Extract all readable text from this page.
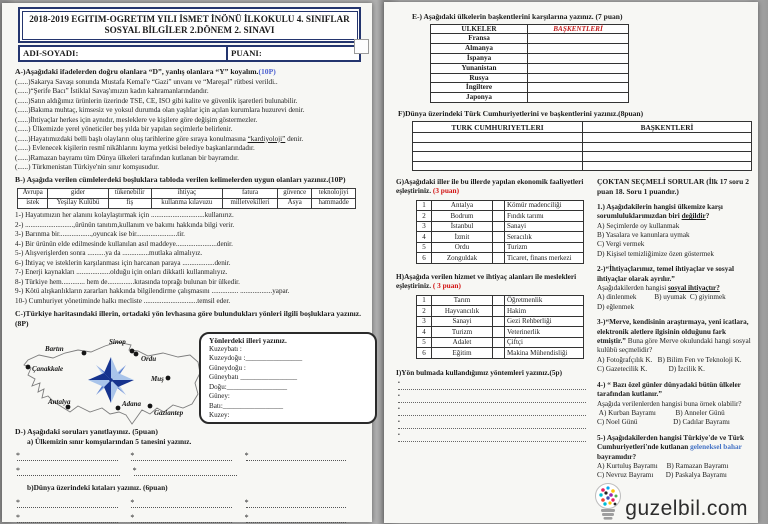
2018-2019 EGITIM-OGRETIM YILI İSMET İNÖNÜ İLKOKULU 4. SINIFLAR
SOSYAL BİLGİLER 2.DÖNEM 2. SINAVI
ADI-SOYADI:	PUANI:
A-)Aşağıdaki ifadelerden doğru olanlara “D”, yanlış olanlara “Y” koyalım.(10P)
(......)Sakarya Savaşı sonunda Mustafa Kemal'e “Gazi” unvanı ve “Mareşal” rütbesi verildi..
(......)“Şerife Bacı” İstiklal Savaş'ımızın kadın kahramanlarındandır.
(......)Satın aldığımız ürünlerin üzerinde TSE, CE, ISO gibi kalite ve güvenlik işaretleri bulunabilir.
(......)Bakıma muhtaç, kimsesiz ve yoksul durumda olan yaşlılar için açılan kurumlara huzurevi denir.
(......)İhtiyaçlar herkes için aynıdır, mesleklere ve kişilere göre değişim göstermezler.
(......) Ülkemizde yerel yöneticiler beş yılda bir yapılan seçimlerle belirlenir.
(......)Hayatımızdaki belli başlı olayların oluş tarihlerine göre sıraya konulmasına “kardiyoloji” denir.
(......) Evlenecek kişilerin resmî nikâhlarını kıyma yetkisi belediye başkanlarındadır.
(......)Ramazan bayramı tüm Dünya ülkeleri tarafından kutlanan bir bayramdır.
(......) Türkmenistan Türkiye'nin sınır komşusudur.
B-) Aşağıda verilen cümlelerdeki boşluklara tabloda verilen kelimelerden uygun olanları yazınız.(10P)
Avrupa	gider	tükenebilir	ihtiyaç	fatura	güvence	teknolojiyi
istek	Yeşilay Kulübü	fiş	kullanma kılavuzu	milletvekilleri	Asya	hammadde
1-) Hayatımızın her alanını kolaylaştırmak için ..............................kullanırız.
2-) ...........................,ürünün tanıtım,kullanım ve bakımı hakkında bilgi verir.
3-) Barınma bir..................,oyuncak ise bir.......................tir.
4-) Bir ürünün elde edilmesinde kullanılan asıl maddeye.......................denir.
5-) Alışverişlerden sonra ..........ya da ...............mutlaka almalıyız.
6-) İhtiyaç ve isteklerin karşılanması için harcanan paraya ..................denir.
7-) Enerji kaynakları ...................olduğu için onları dikkatli kullanmalıyız.
8-) Türkiye hem............. hem de...............kıtasında toprağı bulunan bir ülkedir.
9-) Kötü alışkanlıkların zararları hakkında bilgilendirme çalışmasını ............... ..................yapar.
10-) Cumhuriyet yönetiminde halkı mecliste ..............................temsil eder.
C-)Türkiye haritasındaki illerin, ortadaki yön levhasına göre bulundukları yönleri ilgili boşluklara yazınız.(8P)
Bartın
Sinop
Ordu
Çanakkale
Muş
Antalya	Adana
Gaziantep
Yönlerdeki illeri yazınız.
Kuzeybatı :
Kuzeydoğu :________________
Güneydoğu :
Güneybatı ________________
Doğu:_________________
Güney:
Batı:_________________
Kuzey:
D-) Aşağıdaki soruları yanıtlayınız. (5puan)
a) Ülkemizin sınır komşularından 5 tanesini yazınız.
*
*
*
*
*
b)Dünya üzerindeki kıtaları yazınız. (6puan)
*
*
*
*
*
*
E-) Aşağıdaki ülkelerin başkentlerini karşılarına yazınız. (7 puan)
ULKELER	BAŞKENTLERİ
Fransa	
Almanya	
İspanya	
Yunanistan	
Rusya	
İngiltere	
Japonya	
F)Dünya üzerindeki Türk Cumhuriyetlerini ve başkentlerini yazınız.(8puan)
TURK CUMHURIYETLERI	BAŞKENTLERİ

G)Aşağıdaki iller ile bu illerde yapılan ekonomik faaliyetleri eşleştiriniz. (3 puan)
1	Antalya		Kömür madenciliği
2	Bodrum		Fındık tarımı
3	İstanbul		Sanayi
4	İzmit		Seracılık
5	Ordu		Turizm
6	Zonguldak		Ticaret, finans merkezi
H)Aşağıda verilen hizmet ve ihtiyaç alanları ile meslekleri eşleştiriniz. ( 3 puan)
1	Tarım		Öğretmenlik
2	Hayvancılık		Hakim
3	Sanayi		Gezi Rehberliği
4	Turizm		Veterinerlik
5	Adalet		Çiftçi
6	Eğitim		Makina Mühendisliği
I)Yön bulmada kullandığımız yöntemleri yazınız.(5p)
▪
▪
▪
▪
▪
ÇOKTAN SEÇMELİ SORULAR (İlk 17 soru 2 puan 18. Soru 1 puandır.)
1.) Aşağıdakilerin hangisi ülkemize karşı sorumluluklarımızdan biri değildir?
A) Seçimlerde oy kullanmak
B) Yasalara ve kanunlara uymak
C) Vergi vermek
D) Kişisel temizliğimize özen göstermek
2-)“İhtiyaçlarımız, temel ihtiyaçlar ve sosyal ihtiyaçlar olarak ayrılır.”
Aşağıdakilerden hangisi sosyal ihtiyaçtır?
A) dinlenmek          B) uyumak  C) giyinmek
D) eğlenmek
3-)“Merve, kendisinin araştırmaya, yeni icatlara, elektronik aletlere ilgisinin olduğunu fark etmiştir.” Buna göre Merve okulundaki hangi sosyal kulübü seçmelidir?
A) Fotoğrafçılık K.   B) Bilim Fen ve Teknoloji K.
C) Gazetecilik K.            D) İzcilik K.
4-) “ Bazı özel günler dünyadaki bütün ülkeler tarafından kutlanır.”
Aşağıda verilenlerden hangisi buna örnek olabilir?
A) Kurban Bayramı           B) Anneler Günü
C) Noel Günü                    D) Cadılar Bayramı
5-) Aşağıdakilerden hangisi Türkiye'de ve Türk Cumhuriyetleri'nde kutlanan geleneksel bahar bayramıdır?
A) Kurtuluş Bayramı     B) Ramazan Bayramı
C) Nevruz Bayramı       D) Paskalya Bayramı
guzelbil.com
